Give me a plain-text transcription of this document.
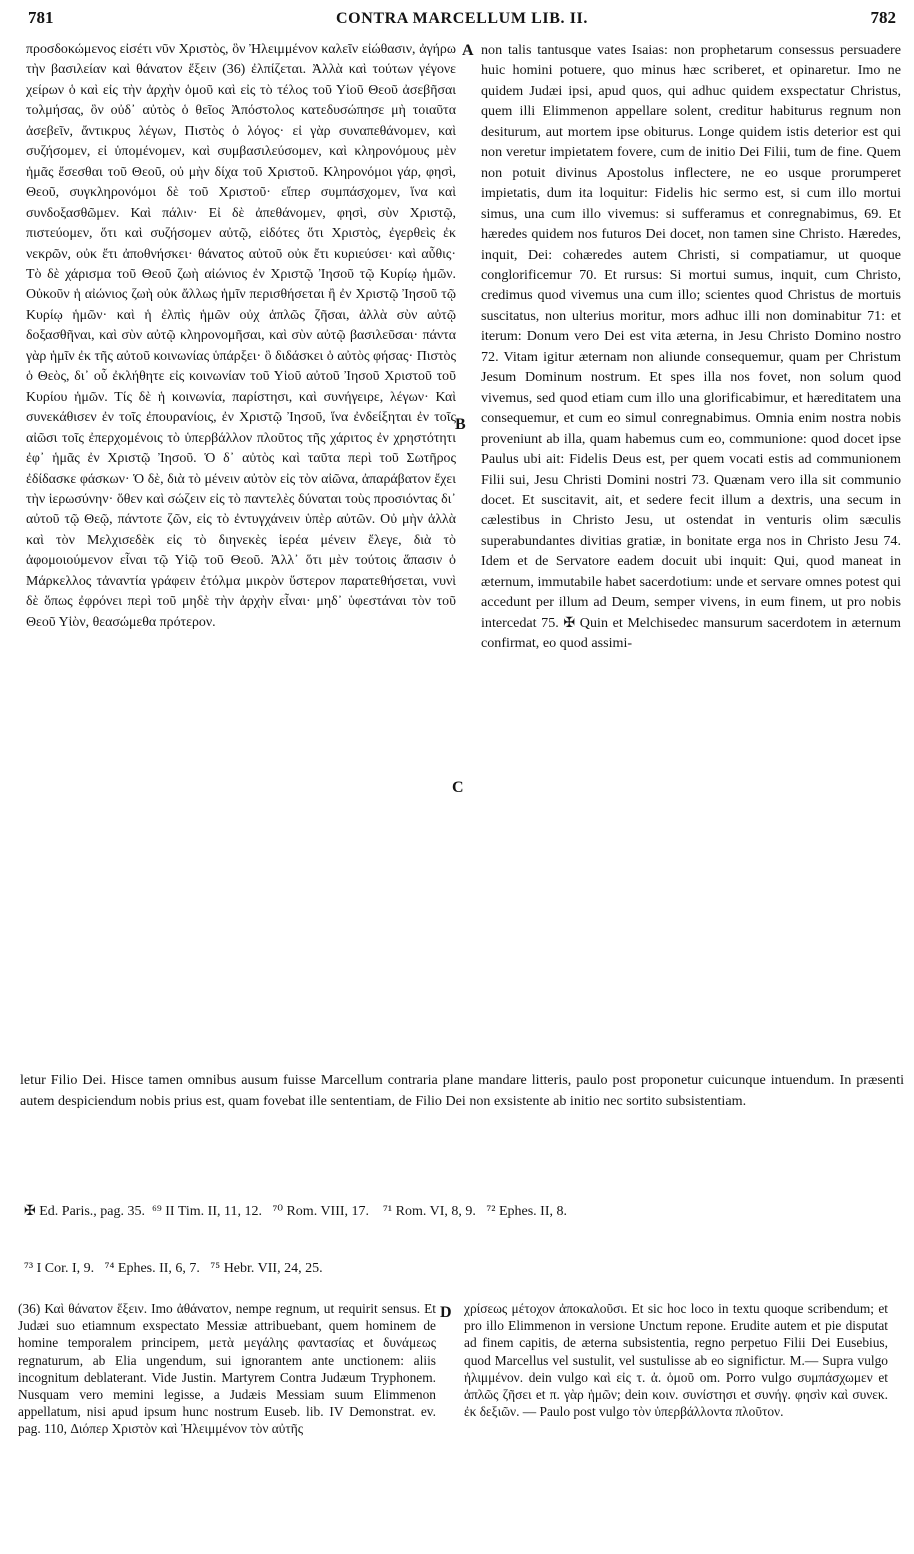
781	CONTRA MARCELLUM LIB. II.	782

προσδοκώμενος εἰσέτι νῦν Χριστὸς, ὃν Ἠλειμμένον καλεῖν εἰώθασιν, ἀγήρω τὴν βασιλείαν καὶ θάνατον ἕξειν (36) ἐλπίζεται. Ἀλλὰ καὶ τούτων γέγονε χείρων ὁ καὶ εἰς τὴν ἀρχὴν ὁμοῦ καὶ εἰς τὸ τέλος τοῦ Υἱοῦ Θεοῦ ἀσεβῆσαι τολμήσας, ὃν οὐδ᾽ αὐτὸς ὁ θεῖος Ἀπόστολος κατεδυσώπησε μὴ τοιαῦτα ἀσεβεῖν, ἄντικρυς λέγων, Πιστὸς ὁ λόγος· εἰ γὰρ συναπεθάνομεν, καὶ συζήσομεν, εἰ ὑπομένομεν, καὶ συμβασιλεύσομεν, καὶ κληρονόμους μὲν ἡμᾶς ἔσεσθαι τοῦ Θεοῦ, οὐ μὴν δίχα τοῦ Χριστοῦ. Κληρονόμοι γάρ, φησὶ, Θεοῦ, συγκληρονόμοι δὲ τοῦ Χριστοῦ· εἴπερ συμπάσχομεν, ἵνα καὶ συνδοξασθῶμεν. Καὶ πάλιν· Εἰ δὲ ἀπεθάνομεν, φησὶ, σὺν Χριστῷ, πιστεύομεν, ὅτι καὶ συζήσομεν αὐτῷ, εἰδότες ὅτι Χριστὸς, ἐγερθεὶς ἐκ νεκρῶν, οὐκ ἔτι ἀποθνήσκει· θάνατος αὐτοῦ οὐκ ἔτι κυριεύσει· καὶ αὖθις· Τὸ δὲ χάρισμα τοῦ Θεοῦ ζωὴ αἰώνιος ἐν Χριστῷ Ἰησοῦ τῷ Κυρίῳ ἡμῶν. Οὐκοῦν ἡ αἰώνιος ζωὴ οὐκ ἄλλως ἡμῖν περισθήσεται ἢ ἐν Χριστῷ Ἰησοῦ τῷ Κυρίῳ ἡμῶν· καὶ ἡ ἐλπὶς ἡμῶν οὐχ ἁπλῶς ζῆσαι, ἀλλὰ σὺν αὐτῷ δοξασθῆναι, καὶ σὺν αὐτῷ κληρονομῆσαι, καὶ σὺν αὐτῷ βασιλεῦσαι· πάντα γὰρ ἡμῖν ἐκ τῆς αὐτοῦ κοινωνίας ὑπάρξει· ὃ διδάσκει ὁ αὐτὸς φήσας· Πιστὸς ὁ Θεὸς, δι᾽ οὗ ἐκλήθητε εἰς κοινωνίαν τοῦ Υἱοῦ αὐτοῦ Ἰησοῦ Χριστοῦ τοῦ Κυρίου ἡμῶν. Τίς δὲ ἡ κοινωνία, παρίστησι, καὶ συνήγειρε, λέγων· Καὶ συνεκάθισεν ἐν τοῖς ἐπουρανίοις, ἐν Χριστῷ Ἰησοῦ, ἵνα ἐνδείξηται ἐν τοῖς αἰῶσι τοῖς ἐπερχομένοις τὸ ὑπερβάλλον πλοῦτος τῆς χάριτος ἐν χρηστότητι ἐφ᾽ ἡμᾶς ἐν Χριστῷ Ἰησοῦ. Ὁ δ᾽ αὐτὸς καὶ ταῦτα περὶ τοῦ Σωτῆρος ἐδίδασκε φάσκων· Ὁ δὲ, διὰ τὸ μένειν αὐτὸν εἰς τὸν αἰῶνα, ἀπαράβατον ἔχει τὴν ἱερωσύνην· ὅθεν καὶ σώζειν εἰς τὸ παντελὲς δύναται τοὺς προσιόντας δι᾽ αὐτοῦ τῷ Θεῷ, πάντοτε ζῶν, εἰς τὸ ἐντυγχάνειν ὑπὲρ αὐτῶν. Οὐ μὴν ἀλλὰ καὶ τὸν Μελχισεδὲκ εἰς τὸ διηνεκὲς ἱερέα μένειν ἔλεγε, διὰ τὸ ἀφομοιούμενον εἶναι τῷ Υἱῷ τοῦ Θεοῦ. Ἀλλ᾽ ὅτι μὲν τούτοις ἅπασιν ὁ Μάρκελλος τἀναντία γράφειν ἐτόλμα μικρὸν ὕστερον παρατεθήσεται, νυνὶ δὲ ὅπως ἐφρόνει περὶ τοῦ μηδὲ τὴν ἀρχὴν εἶναι· μηδ᾽ ὑφεστάναι τὸν τοῦ Θεοῦ Υἱὸν, θεασώμεθα πρότερον.

A
B
C
D

non talis tantusque vates Isaias: non prophetarum consessus persuadere huic homini potuere, quo minus hæc scriberet, et opinaretur. Imo ne quidem Judæi ipsi, apud quos, qui adhuc quidem exspectatur Christus, quem illi Elimmenon appellare solent, creditur habiturus regnum non desiturum, aut mortem ipse obiturus. Longe quidem istis deterior est qui non veretur impietatem fovere, cum de initio Dei Filii, tum de fine. Quem non potuit divinus Apostolus inflectere, ne eo usque prorumperet impietatis, dum ita loquitur: Fidelis hic sermo est, si cum illo mortui simus, una cum illo vivemus: si sufferamus et conregnabimus, 69. Et hæredes quidem nos futuros Dei docet, non tamen sine Christo. Hæredes, inquit, Dei: cohæredes autem Christi, si compatiamur, ut quoque conglorificemur 70. Et rursus: Si mortui sumus, inquit, cum Christo, credimus quod vivemus una cum illo; scientes quod Christus de mortuis suscitatus, non ulterius moritur, mors adhuc illi non dominabitur 71: et iterum: Donum vero Dei est vita æterna, in Jesu Christo Domino nostro 72. Vitam igitur æternam non aliunde consequemur, quam per Christum Jesum Dominum nostrum. Et spes illa nos fovet, non solum quod vivemus, sed quod etiam cum illo una glorificabimur, et hæreditatem una consequemur, et cum eo simul conregnabimus. Omnia enim nostra nobis proveniunt ab illa, quam habemus cum eo, communione: quod docet ipse Paulus ubi ait: Fidelis Deus est, per quem vocati estis ad communionem Filii sui, Jesu Christi Domini nostri 73. Quænam vero illa sit communio docet. Et suscitavit, ait, et sedere fecit illum a dextris, una secum in cælestibus in Christo Jesu, ut ostendat in venturis olim sæculis superabundantes divitias gratiæ, in bonitate erga nos in Christo Jesu 74. Idem et de Servatore eadem docuit ubi inquit: Qui, quod maneat in æternum, immutabile habet sacerdotium: unde et servare omnes potest qui accedunt per illum ad Deum, semper vivens, in eum finem, ut pro nobis intercedat 75. ✠ Quin et Melchisedec mansurum sacerdotem in æternum confirmat, eo quod assimi-

letur Filio Dei. Hisce tamen omnibus ausum fuisse Marcellum contraria plane mandare litteris, paulo post proponetur cuicunque intuendum. In præsenti autem despiciendum nobis prius est, quam fovebat ille sententiam, de Filio Dei non exsistente ab initio nec sortito subsistentiam.

✠ Ed. Paris., pag. 35.  ⁶⁹ II Tim. II, 11, 12.   ⁷⁰ Rom. VIII, 17.    ⁷¹ Rom. VI, 8, 9.   ⁷² Ephes. II, 8.

⁷³ I Cor. I, 9.   ⁷⁴ Ephes. II, 6, 7.   ⁷⁵ Hebr. VII, 24, 25.

(36) Καὶ θάνατον ἕξειν. Imo ἀθάνατον, nempe regnum, ut requirit sensus. Et Judæi suo etiamnum exspectato Messiæ attribuebant, quem hominem de homine temporalem principem, μετὰ μεγάλης φαντασίας et δυνάμεως regnaturum, ab Elia ungendum, sui ignorantem ante unctionem: aliis incognitum deblaterant. Vide Justin. Martyrem Contra Judæum Tryphonem. Nusquam vero memini legisse, a Judæis Messiam suum Elimmenon appellatum, nisi apud ipsum hunc nostrum Euseb. lib. IV Demonstrat. ev. pag. 110, Διόπερ Χριστὸν καὶ Ἠλειμμένον τὸν αὐτῆς

χρίσεως μέτοχον ἀποκαλοῦσι. Et sic hoc loco in textu quoque scribendum; et pro illo Elimmenon in versione Unctum repone. Erudite autem et pie disputat ad finem capitis, de æterna subsistentia, regno perpetuo Filii Dei Eusebius, quod Marcellus vel sustulit, vel sustulisse ab eo significtur. M.— Supra vulgo ἠλιμμένον. dein vulgo καὶ εἰς τ. ἀ. ὁμοῦ om. Porro vulgo συμπάσχωμεν et ἁπλῶς ζῆσει et π. γὰρ ἡμῶν; dein κοιν. συνίστησι et συνήγ. φησὶν καὶ συνεκ. ἐκ δεξιῶν. — Paulo post vulgo τὸν ὑπερβάλλοντα πλοῦτον.
